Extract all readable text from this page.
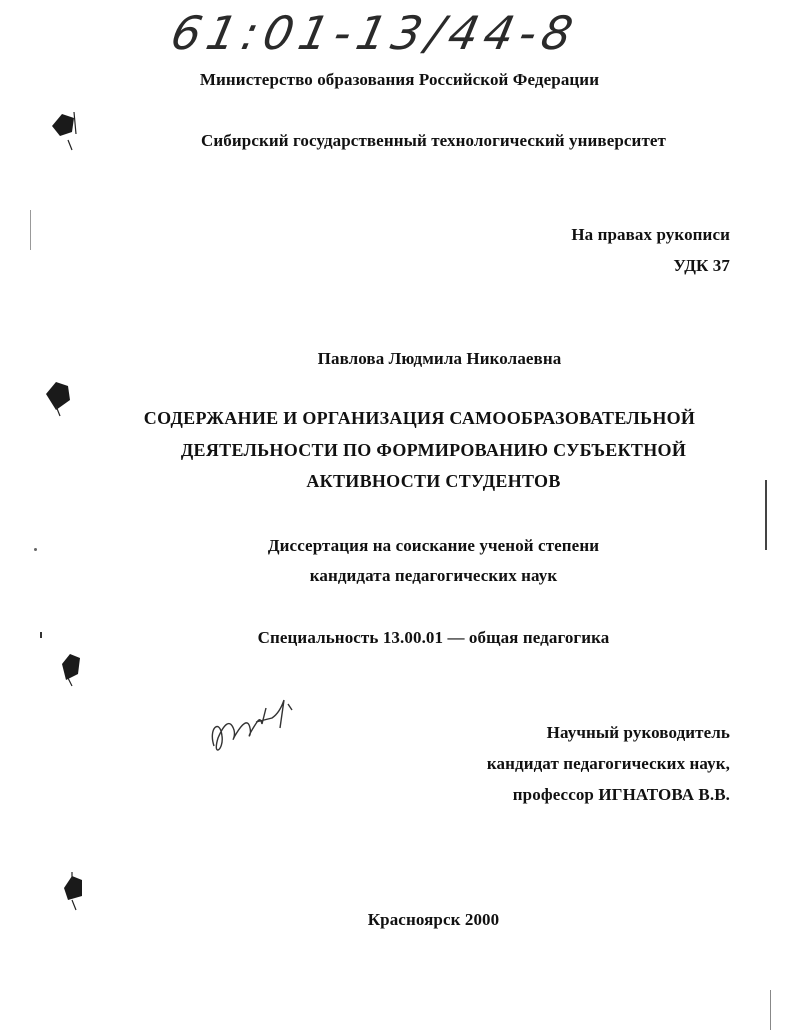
61:01-13/44-8
Министерство образования Российской Федерации
Сибирский государственный технологический университет
На правах рукописи
УДК 37
Павлова Людмила Николаевна
СОДЕРЖАНИЕ И ОРГАНИЗАЦИЯ САМООБРАЗОВАТЕЛЬНОЙ
ДЕЯТЕЛЬНОСТИ ПО ФОРМИРОВАНИЮ СУБЪЕКТНОЙ
АКТИВНОСТИ СТУДЕНТОВ
Диссертация на соискание ученой степени
кандидата педагогических наук
Специальность 13.00.01 — общая педагогика
Научный руководитель
кандидат педагогических наук,
профессор ИГНАТОВА В.В.
Красноярск 2000
